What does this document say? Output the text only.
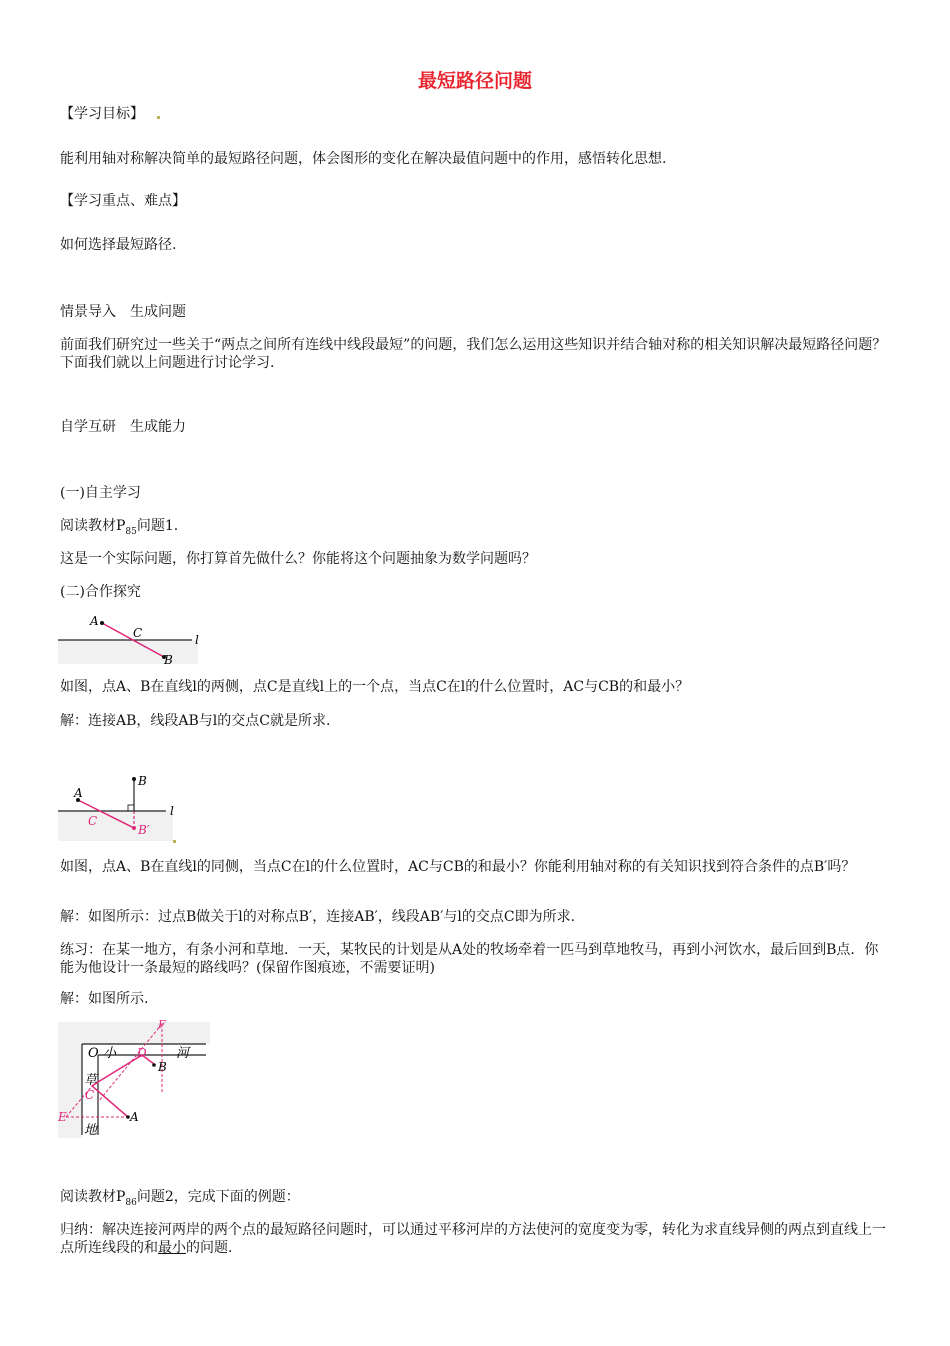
最短路径问题
【学习目标】
能利用轴对称解决简单的最短路径问题，体会图形的变化在解决最值问题中的作用，感悟转化思想.
【学习重点、难点】
如何选择最短路径.
情景导入　生成问题
前面我们研究过一些关于“两点之间所有连线中线段最短”的问题，我们怎么运用这些知识并结合轴对称的相关知识解决最短路径问题？下面我们就以上问题进行讨论学习.
自学互研　生成能力
(一)自主学习
阅读教材$P_{85}$问题1.
这是一个实际问题，你打算首先做什么？你能将这个问题抽象为数学问题吗？
(二)合作探究
A
C
B
l
如图，点A、B在直线l的两侧，点C是直线l上的一个点，当点C在l的什么位置时，AC与CB的和最小？
解：连接AB，线段AB与l的交点C就是所求.
A
B
B′
C
l
如图，点A、B在直线l的同侧，当点C在l的什么位置时，AC与CB的和最小？你能利用轴对称的有关知识找到符合条件的点B′吗？
解：如图所示：过点B做关于l的对称点B′，连接AB′，线段AB′与l的交点C即为所求.
练习：在某一地方，有条小河和草地．一天，某牧民的计划是从A处的牧场牵着一匹马到草地牧马，再到小河饮水，最后回到B点．你能为他设计一条最短的路线吗？(保留作图痕迹，不需要证明)
解：如图所示.
O 小	河
草
地
D
C
B
A
E
F
阅读教材$P_{86}$问题2，完成下面的例题：
归纳：解决连接河两岸的两个点的最短路径问题时，可以通过平移河岸的方法使河的宽度变为零，转化为求直线异侧的两点到直线上一点所连线段的和最小的问题.
